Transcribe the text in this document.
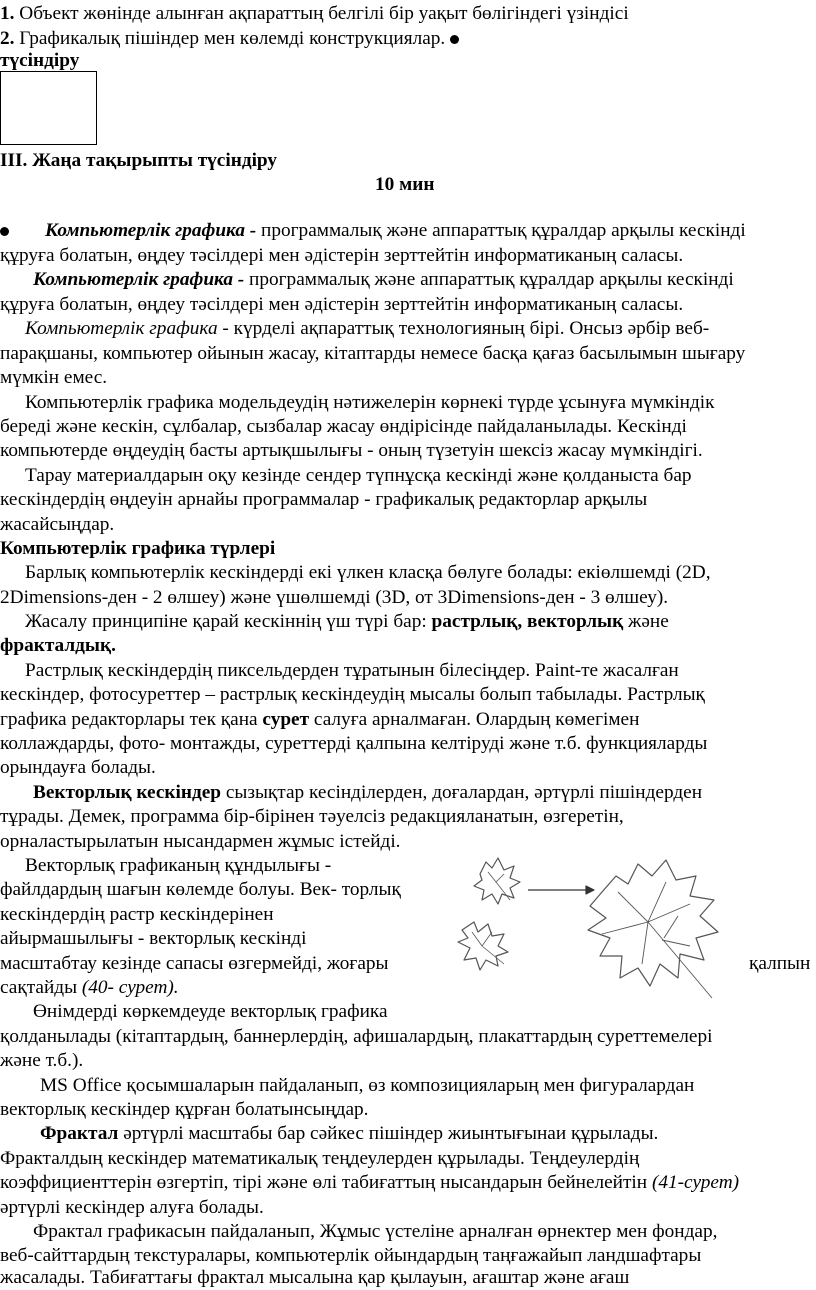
1. Объект жөнінде алынған ақпараттың белгілі бір уақыт бөлігіндегі үзіндісі
2. Графикалық пішіндер мен көлемді конструкциялар.
түсіндіру
ІІІ. Жаңа тақырыпты түсіндіру
10 мин
Компьютерлік графика - программалық және аппараттық құралдар арқылы кескінді
құруға болатын, өңдеу тәсілдері мен әдістерін зерттейтін информатиканың саласы.
Компьютерлік графика - программалық және аппараттық құралдар арқылы кескінді
құруға болатын, өңдеу тәсілдері мен әдістерін зерттейтін информатиканың саласы.
Компьютерлік графика - күрделі ақпараттық технологияның бірі. Онсыз әрбір веб-
парақшаны, компьютер ойынын жасау, кітаптарды немесе басқа қағаз басылымын шығару
мүмкін емес.
Компьютерлік графика модельдеудің нәтижелерін көрнекі түрде ұсынуға мүмкіндік
береді және кескін, сұлбалар, сызбалар жасау өндірісінде пайдаланылады. Кескінді
компьютерде өңдеудің басты артықшылығы - оның түзетуін шексіз жасау мүмкіндігі.
Тарау материалдарын оқу кезінде сендер түпнұсқа кескінді және қолданыста бар
кескіндердің өңдеуін арнайы программалар - графикалық редакторлар арқылы
жасайсыңдар.
Компьютерлік графика түрлері
Барлық компьютерлік кескіндерді екі үлкен класқа бөлуге болады: екіөлшемді (2D,
2Dimensions-ден - 2 өлшеу) және үшөлшемді (3D, от 3Dimensions-ден - 3 өлшеу).
Жасалу принципіне қарай кескіннің үш түрі бар: растрлық, векторлық және
фракталдық.
Растрлық кескіндердің пиксельдерден тұратынын білесіңдер. Paint-те жасалған
кескіндер, фотосуреттер – растрлық кескіндеудің мысалы болып табылады. Растрлық
графика редакторлары тек қана сурет салуға арналмаған. Олардың көмегімен
коллаждарды, фото- монтажды, суреттерді қалпына келтіруді және т.б. функцияларды
орындауға болады.
Векторлық кескіндер сызықтар кесінділерден, доғалардан, әртүрлі пішіндерден
тұрады. Демек, программа бір-бірінен тәуелсіз редакцияланатын, өзгеретін,
орналастырылатын нысандармен жұмыс істейді.
Векторлық графиканың құндылығы -
файлдардың шағын көлемде болуы. Век- торлық
кескіндердің растр кескіндерінен
айырмашылығы - векторлық кескінді
масштабтау кезінде сапасы өзгермейді, жоғары	қалпын
сақтайды (40- сурет).
Өнімдерді көркемдеуде векторлық графика
қолданылады (кітаптардың, баннерлердің, афишалардың, плакаттардың суреттемелері
және т.б.).
MS Office қосымшаларын пайдаланып, өз композицияларың мен фигуралардан
векторлық кескіндер құрған болатынсыңдар.
Фрактал әртүрлі масштабы бар сәйкес пішіндер жиынтығынаи құрылады.
Фракталдың кескіндер математикалық теңдеулерден құрылады. Теңдеулердің
коэффициенттерін өзгертіп, тірі және өлі табиғаттың нысандарын бейнелейтін (41-сурет)
әртүрлі кескіндер алуға болады.
Фрактал графикасын пайдаланып, Жұмыс үстеліне арналған өрнектер мен фондар,
веб-сайттардың текстуралары, компьютерлік ойындардың таңғажайып ландшафтары
жасалады. Табиғаттағы фрактал мысалына қар қылауын, ағаштар және ағаш
